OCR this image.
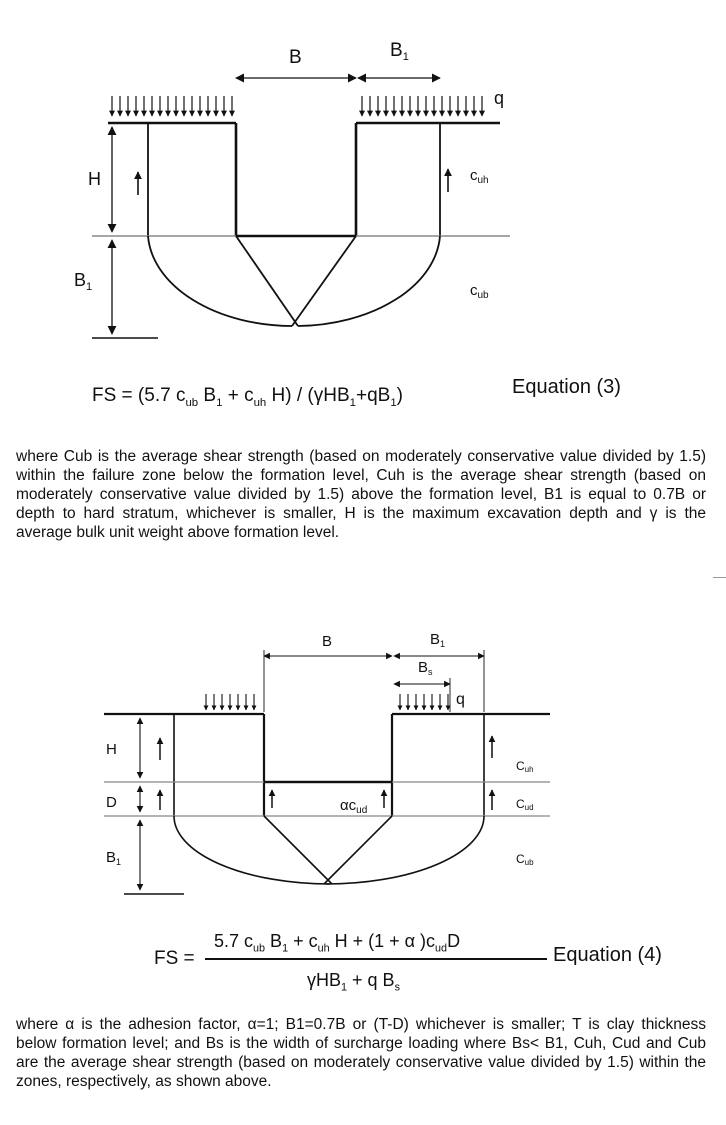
B	$B_1$
q
H
$B_1$
$c_{uh}$
$c_{ub}$
FS = (5.7 $c_{ub}$ $B_1 + c_{uh}$ $H) / (\gamma HB_1+qB_1)$	Equation (3)
where Cub is the average shear strength (based on moderately conservative value divided by 1.5) within the failure zone below the formation level, Cuh is the average shear strength (based on moderately conservative value divided by 1.5) above the formation level, B1 is equal to 0.7B or depth to hard stratum, whichever is smaller, H is the maximum excavation depth and γ is the average bulk unit weight above formation level.
B	$B_1$
$B_s$
q
H
D
$B_1$
$\alpha c_{ud}$
Cuh
Cud
Cub
FS =
5.7 $c_{ub}$ $B_1 + c_{uh}$ H + (1 + α )$c_{ud}D$
γHB$_1$ + q $B_s$
Equation (4)
where α is the adhesion factor, α=1; B1=0.7B or (T-D) whichever is smaller; T is clay thickness below formation level; and Bs is the width of surcharge loading where Bs< B1, Cuh, Cud and Cub are the average shear strength (based on moderately conservative value divided by 1.5) within the zones, respectively, as shown above.
